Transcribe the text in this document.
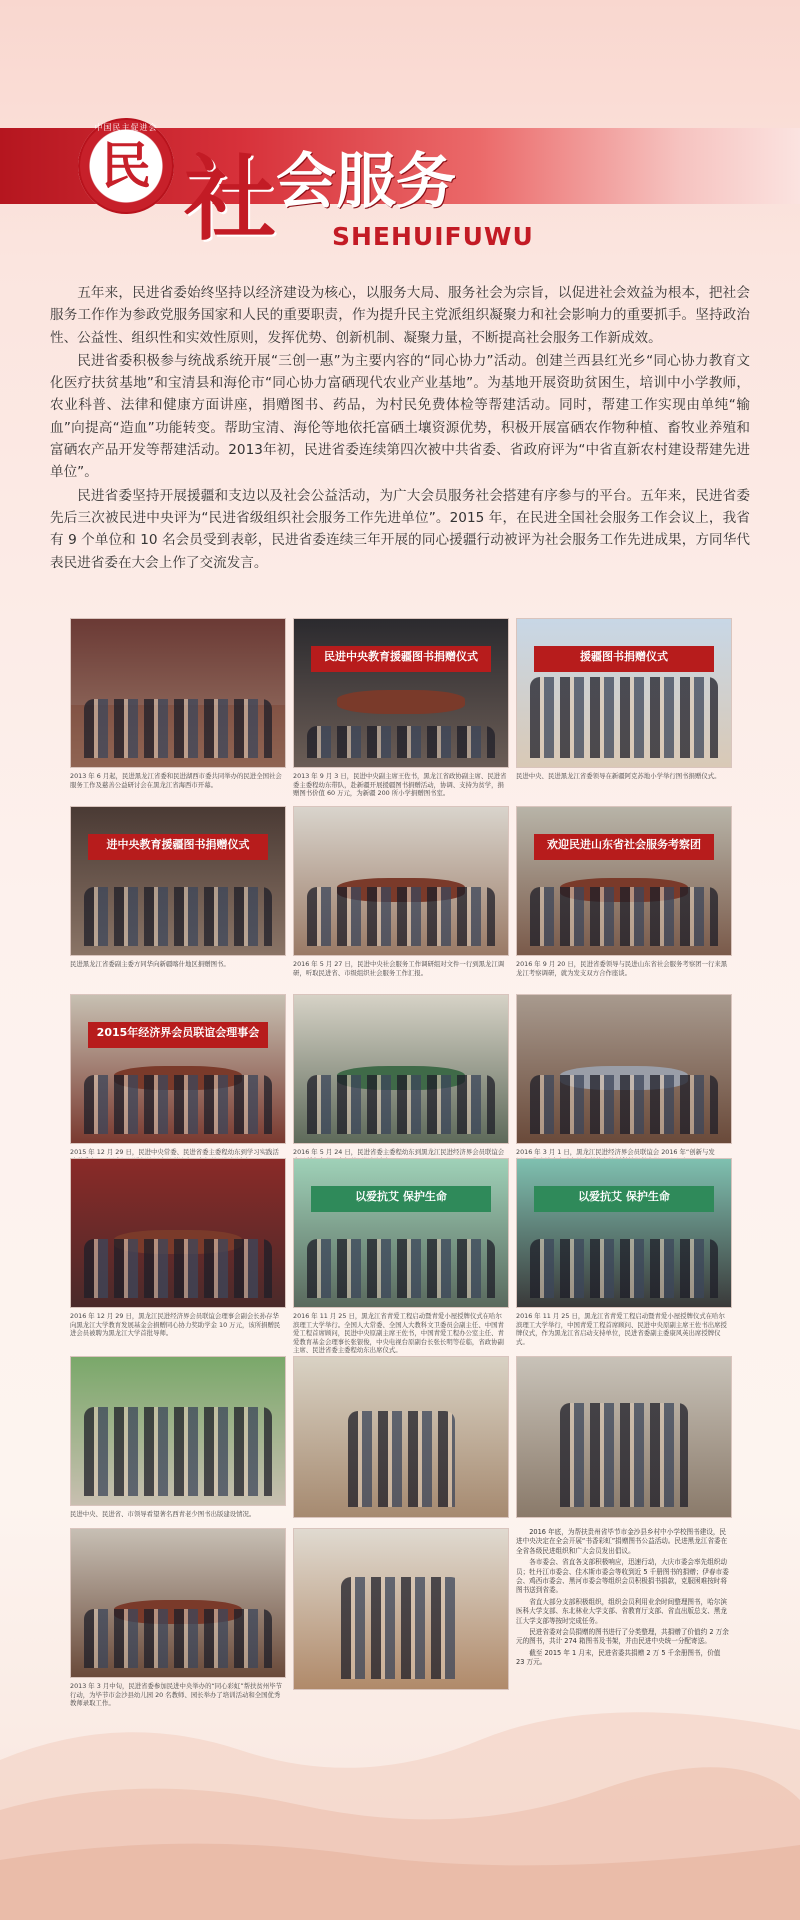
中国民主促进会
民 社会服务
SHEHUIFUWU

五年来，民进省委始终坚持以经济建设为核心，以服务大局、服务社会为宗旨，以促进社会效益为根本，把社会服务工作作为参政党服务国家和人民的重要职责，作为提升民主党派组织凝聚力和社会影响力的重要抓手。坚持政治性、公益性、组织性和实效性原则，发挥优势、创新机制、凝聚力量，不断提高社会服务工作新成效。

民进省委积极参与统战系统开展“三创一惠”为主要内容的“同心协力”活动。创建兰西县红光乡“同心协力教育文化医疗扶贫基地”和宝清县和海伦市“同心协力富硒现代农业产业基地”。为基地开展资助贫困生，培训中小学教师，农业科普、法律和健康方面讲座，捐赠图书、药品，为村民免费体检等帮建活动。同时，帮建工作实现由单纯“输血”向提高“造血”功能转变。帮助宝清、海伦等地依托富硒土壤资源优势，积极开展富硒农作物种植、畜牧业养殖和富硒农产品开发等帮建活动。2013年初，民进省委连续第四次被中共省委、省政府评为“中省直新农村建设帮建先进单位”。

民进省委坚持开展援疆和支边以及社会公益活动，为广大会员服务社会搭建有序参与的平台。五年来，民进省委先后三次被民进中央评为“民进省级组织社会服务工作先进单位”。2015 年，在民进全国社会服务工作会议上，我省有 9 个单位和 10 名会员受到表彰，民进省委连续三年开展的同心援疆行动被评为社会服务工作先进成果，方同华代表民进省委在大会上作了交流发言。

2013 年 6 月起，民进黑龙江省委和民进湖西市委共同举办的民进全国社会服务工作及慈善公益研讨会在黑龙江省海西市开幕。
民进中央教育援疆图书捐赠仪式
2013 年 9 月 3 日，民进中央副主席王佐书，黑龙江省政协副主席、民进省委主委程幼东带队，赴新疆开展援疆图书捐赠活动，协调、支持为贫学，捐赠图书价值 60 万元，为新疆 200 所小学捐赠图书室。
援疆图书捐赠仪式
民进中央、民进黑龙江省委领导在新疆阿克苏地小学举行图书捐赠仪式。
进中央教育援疆图书捐赠仪式
民进黑龙江省委副主委方同华向新疆喀什地区捐赠图书。	2016 年 5 月 27 日，民进中央社会服务工作调研组对文件一行到黑龙江调研，听取民进省、市级组织社会服务工作汇报。
欢迎民进山东省社会服务考察团
2016 年 9 月 20 日，民进省委领导与民进山东省社会服务考察团一行来黑龙江考察调研，就为发支双方合作座谈。
2015年经济界会员联谊会理事会
2015 年 12 月 29 日，民进中央常委、民进省委主委程幼东到学习实践活	2016 年 5 月 24 日，民进省委主委程幼东到黑龙江民进经济界会员联谊会	2016 年 3 月 1 日，黑龙江民进经济界会员联谊会 2016 年“创新与发
2016 年 12 月 29 日，黑龙江民进经济界会员联谊会理事会副会长孙存华向黑龙江大学教育发展基金会捐赠同心协力奖助学金 10 万元，该所捐赠民进会员被聘为黑龙江大学首批导师。
以爱抗艾 保护生命
2016 年 11 月 25 日，黑龙江省青爱工程启动暨青爱小屋授牌仪式在哈尔滨理工大学举行。全国人大常委、全国人大教科文卫委员会副主任、中国青爱工程首席顾问，民进中央原副主席王佐书，中国青爱工程办公室主任、青爱教育基金会理事长张银俊，中央电视台原副台长张长明等莅临，省政协副主席、民进省委主委程幼东出席仪式。
以爱抗艾 保护生命
2016 年 11 月 25 日，黑龙江省青爱工程启动暨青爱小屋授牌仪式在哈尔滨理工大学举行，中国青爱工程首席顾问、民进中央原副主席王佐书出席授牌仪式，作为黑龙江省启动支持单位，民进省委副主委康风英出席授牌仪式。
民进中央、民进省、市领导看望著名西青老少图书出版建设情况。
2013 年 3 月中旬，民进省委参加民进中央举办的“同心彩虹”帮扶贫州毕节行动，为毕节市金沙县幼儿园 20 名教师、园长举办了培训活动和全国优秀教师录取工作。

2016 年底，为帮扶贵州省毕节市金沙县乡村中小学校图书建设，民进中央决定在全会开展“书香彩虹”捐赠图书公益活动。民进黑龙江省委在全省各级民进组织和广大会员发出倡议。

各市委会、省直各支部积极响应，迅速行动，大庆市委会率先组织动员；牡丹江市委会、佳木斯市委会等收到近 5 千册图书的捐赠；伊春市委会、鸡西市委会、黑河市委会等组织会员积极捐书捐款，克服困难按时将图书送到省委。

省直大部分支部积极组织，组织会员利用业余时间整理图书，哈尔滨医科大学支部、东北林业大学支部、省教育厅支部、省直出版总支、黑龙江大学支部等按时完成任务。

民进省委对会员捐赠的图书进行了分类整理，共捐赠了价值约 2 万余元的图书，共计 274 箱图书及书架，并由民进中央统一分配寄送。

截至 2015 年 1 月末，民进省委共捐赠 2 万 5 千余册图书，价值 23 万元。
